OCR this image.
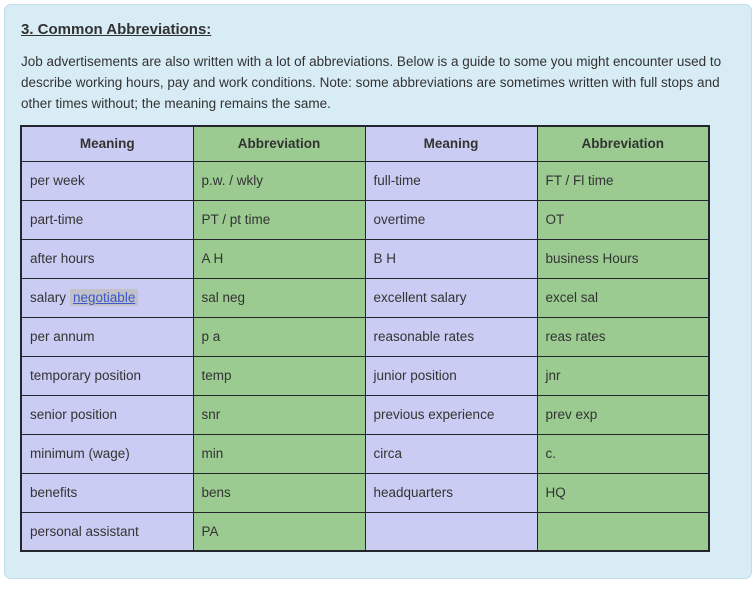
3. Common Abbreviations:

Job advertisements are also written with a lot of abbreviations. Below is a guide to some you might encounter used to describe working hours, pay and work conditions. Note: some abbreviations are sometimes written with full stops and other times without; the meaning remains the same.

Meaning	Abbreviation	Meaning	Abbreviation
per week	p.w. / wkly	full-time	FT / Fl time
part-time	PT / pt time	overtime	OT
after hours	A H	B H	business Hours
salary negotiable	sal neg	excellent salary	excel sal
per annum	p a	reasonable rates	reas rates
temporary position	temp	junior position	jnr
senior position	snr	previous experience	prev exp
minimum (wage)	min	circa	c.
benefits	bens	headquarters	HQ
personal assistant	PA		
